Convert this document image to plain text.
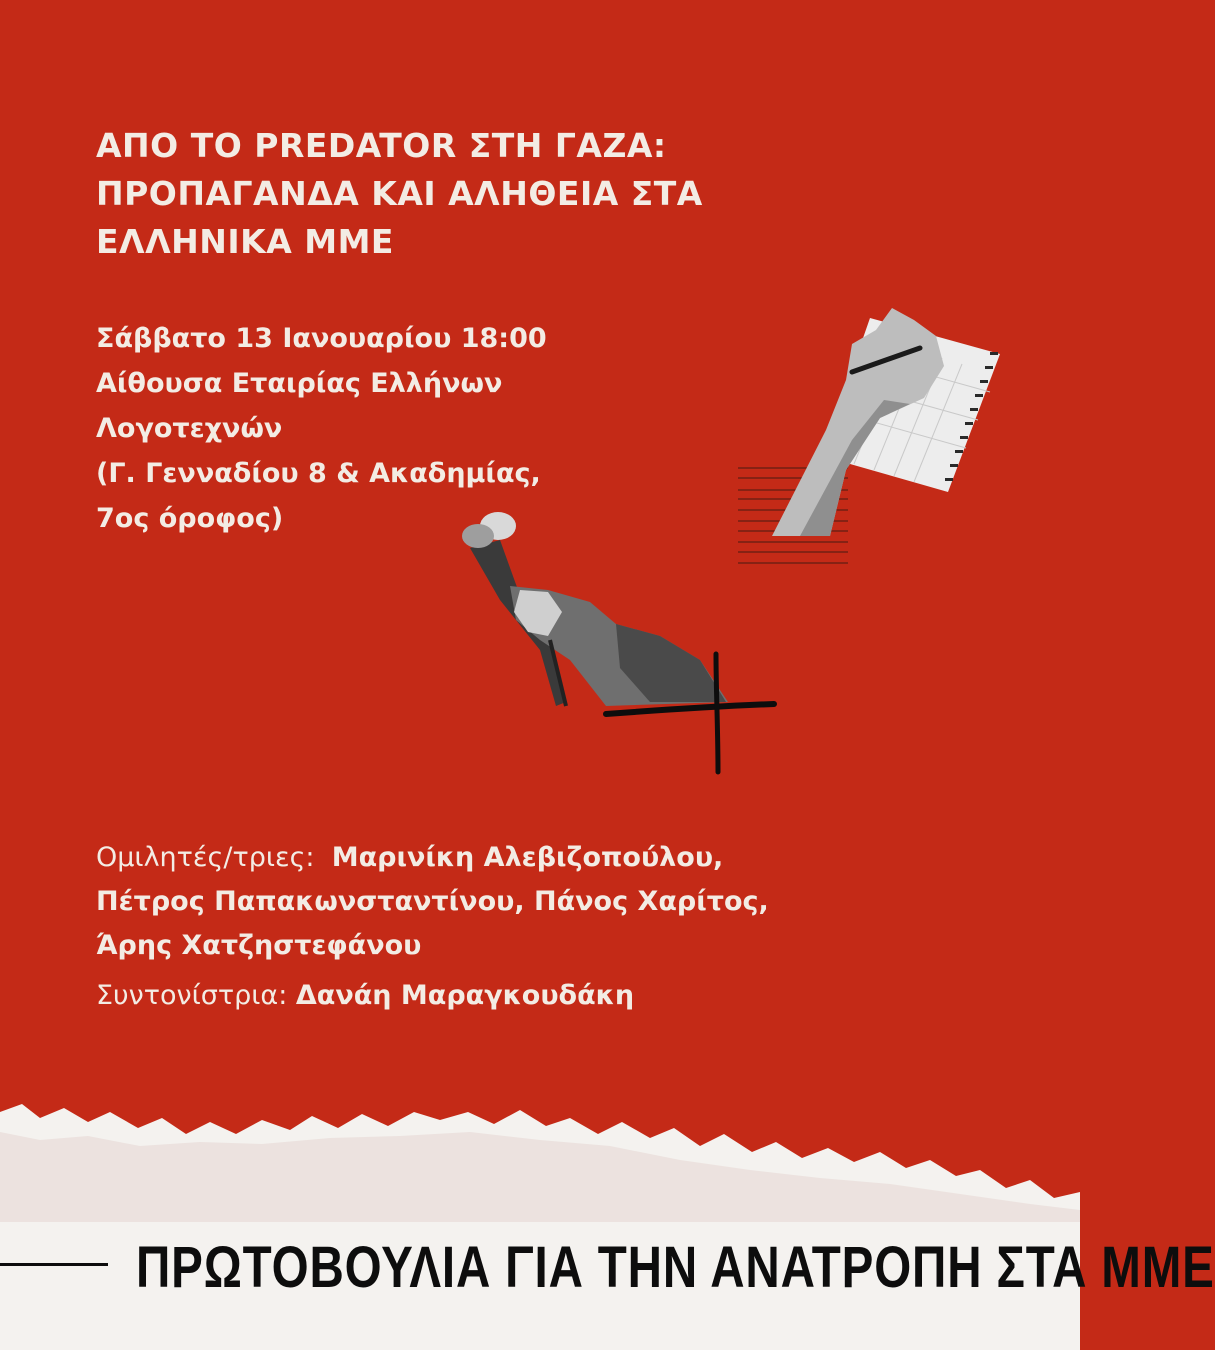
ΑΠΟ ΤΟ PREDATOR ΣΤΗ ΓΑΖΑ:
ΠΡΟΠΑΓΑΝΔΑ ΚΑΙ ΑΛΗΘΕΙΑ ΣΤΑ
ΕΛΛΗΝΙΚΑ ΜΜΕ
Σάββατο 13 Ιανουαρίου 18:00
Αίθουσα Εταιρίας Ελλήνων
Λογοτεχνών
(Γ. Γενναδίου 8 & Ακαδημίας,
7ος όροφος)
Ομιλητές/τριες: Μαρινίκη Αλεβιζοπούλου,
Πέτρος Παπακωνσταντίνου, Πάνος Χαρίτος,
Άρης Χατζηστεφάνου
Συντονίστρια: Δανάη Μαραγκουδάκη
ΠΡΩΤΟΒΟΥΛΙΑ ΓΙΑ ΤΗΝ ΑΝΑΤΡΟΠΗ ΣΤΑ ΜΜΕ
